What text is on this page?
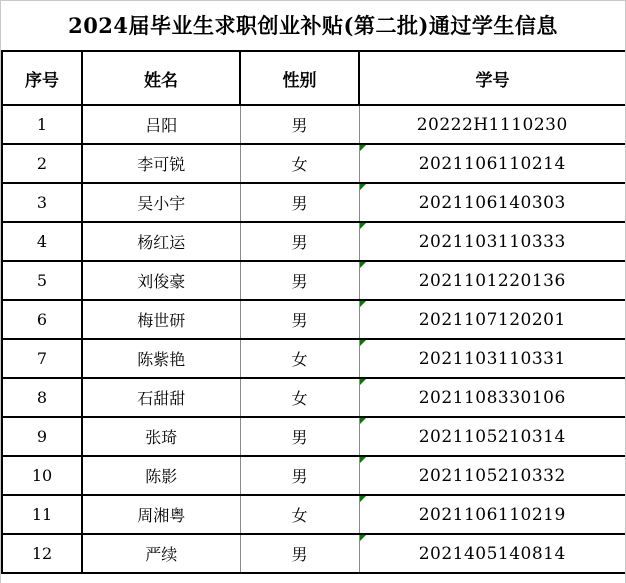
2024届毕业生求职创业补贴(第二批)通过学生信息
序号	姓名	性别	学号
1	吕阳	男	20222H1110230
2	李可锐	女	2021106110214
3	吴小宇	男	2021106140303
4	杨红运	男	2021103110333
5	刘俊豪	男	2021101220136
6	梅世研	男	2021107120201
7	陈紫艳	女	2021103110331
8	石甜甜	女	2021108330106
9	张琦	男	2021105210314
10	陈影	男	2021105210332
11	周湘粤	女	2021106110219
12	严续	男	2021405140814
